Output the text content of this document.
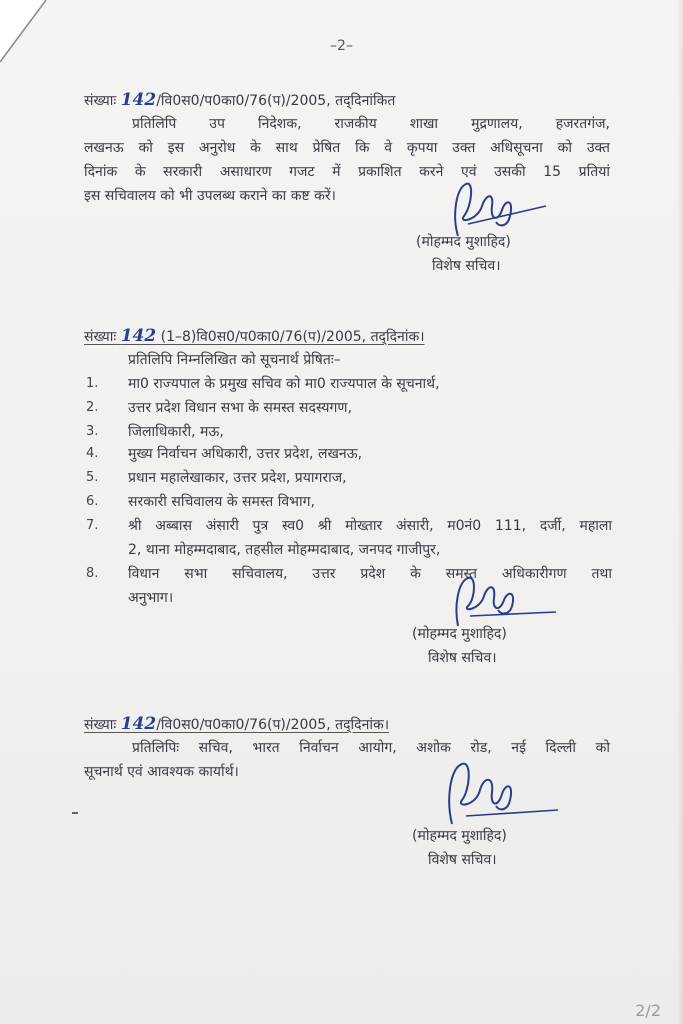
–2–
संख्याः 142/वि0स0/प0का0/76(प)/2005, तद्‌दिनांकित
प्रतिलिपि उप निदेशक, राजकीय शाखा मुद्रणालय, हजरतगंज,
लखनऊ को इस अनुरोध के साथ प्रेषित कि वे कृपया उक्त अधिसूचना को उक्त
दिनांक के सरकारी असाधारण गजट में प्रकाशित करने एवं उसकी 15 प्रतियां
इस सचिवालय को भी उपलब्ध कराने का कष्ट करें।
(मोहम्मद मुशाहिद)
विशेष सचिव।
संख्याः 142 (1–8)वि0स0/प0का0/76(प)/2005, तद्‌दिनांक।
प्रतिलिपि निम्नलिखित को सूचनार्थ प्रेषितः–
1.	मा0 राज्यपाल के प्रमुख सचिव को मा0 राज्यपाल के सूचनार्थ,
2.	उत्तर प्रदेश विधान सभा के समस्त सदस्यगण,
3.	जिलाधिकारी, मऊ,
4.	मुख्य निर्वाचन अधिकारी, उत्तर प्रदेश, लखनऊ,
5.	प्रधान महालेखाकार, उत्तर प्रदेश, प्रयागराज,
6.	सरकारी सचिवालय के समस्त विभाग,
7.	श्री अब्बास अंसारी पुत्र स्व0 श्री मोख्तार अंसारी, म0नं0 111, दर्जी, महाला
2, थाना मोहम्मदाबाद, तहसील मोहम्मदाबाद, जनपद गाजीपुर,
8.	विधान सभा सचिवालय, उत्तर प्रदेश के समस्त अधिकारीगण तथा
अनुभाग।
(मोहम्मद मुशाहिद)
विशेष सचिव।
संख्याः 142/वि0स0/प0का0/76(प)/2005, तद्‌दिनांक।
प्रतिलिपिः सचिव, भारत निर्वाचन आयोग, अशोक रोड, नई दिल्ली को
सूचनार्थ एवं आवश्यक कार्यार्थ।
(मोहम्मद मुशाहिद)
विशेष सचिव।
2/2
